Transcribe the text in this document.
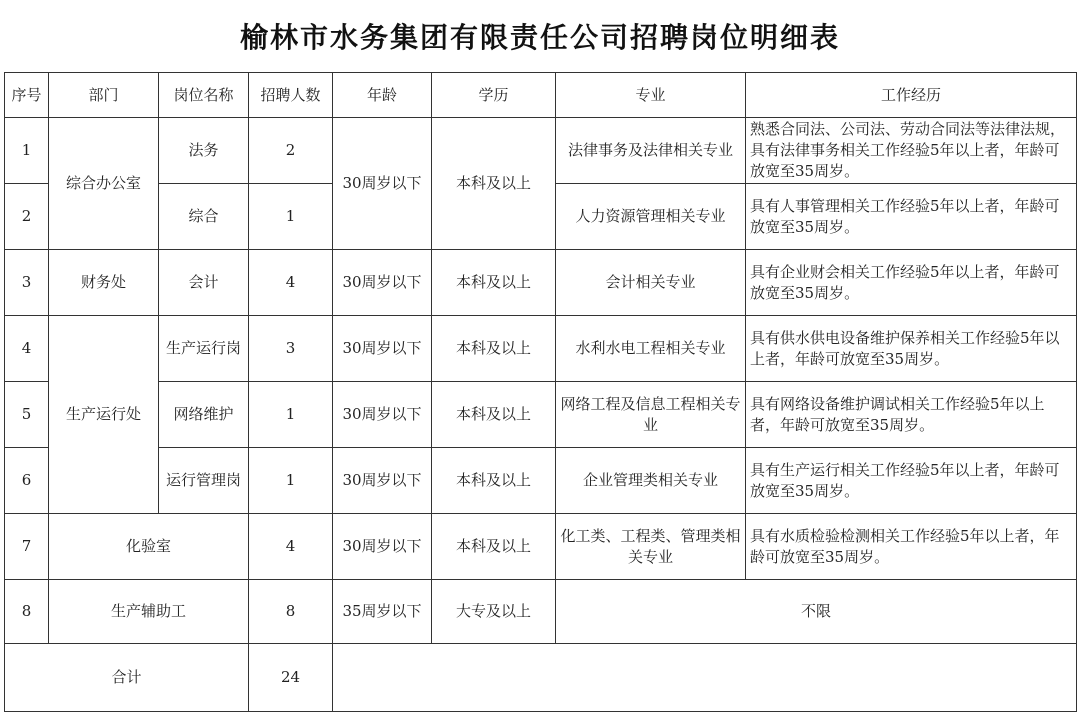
榆林市水务集团有限责任公司招聘岗位明细表
序号	部门	岗位名称	招聘人数	年龄	学历	专业	工作经历
1	综合办公室	法务	2	30周岁以下	本科及以上	法律事务及法律相关专业	熟悉合同法、公司法、劳动合同法等法律法规，具有法律事务相关工作经验5年以上者，年龄可放宽至35周岁。
2		综合	1			人力资源管理相关专业	具有人事管理相关工作经验5年以上者，年龄可放宽至35周岁。
3	财务处	会计	4	30周岁以下	本科及以上	会计相关专业	具有企业财会相关工作经验5年以上者，年龄可放宽至35周岁。
4	生产运行处	生产运行岗	3	30周岁以下	本科及以上	水利水电工程相关专业	具有供水供电设备维护保养相关工作经验5年以上者，年龄可放宽至35周岁。
5		网络维护	1	30周岁以下	本科及以上	网络工程及信息工程相关专业	具有网络设备维护调试相关工作经验5年以上者，年龄可放宽至35周岁。
6		运行管理岗	1	30周岁以下	本科及以上	企业管理类相关专业	具有生产运行相关工作经验5年以上者，年龄可放宽至35周岁。
7	化验室		4	30周岁以下	本科及以上	化工类、工程类、管理类相关专业	具有水质检验检测相关工作经验5年以上者，年龄可放宽至35周岁。
8	生产辅助工		8	35周岁以下	大专及以上	不限	
合计			24				
